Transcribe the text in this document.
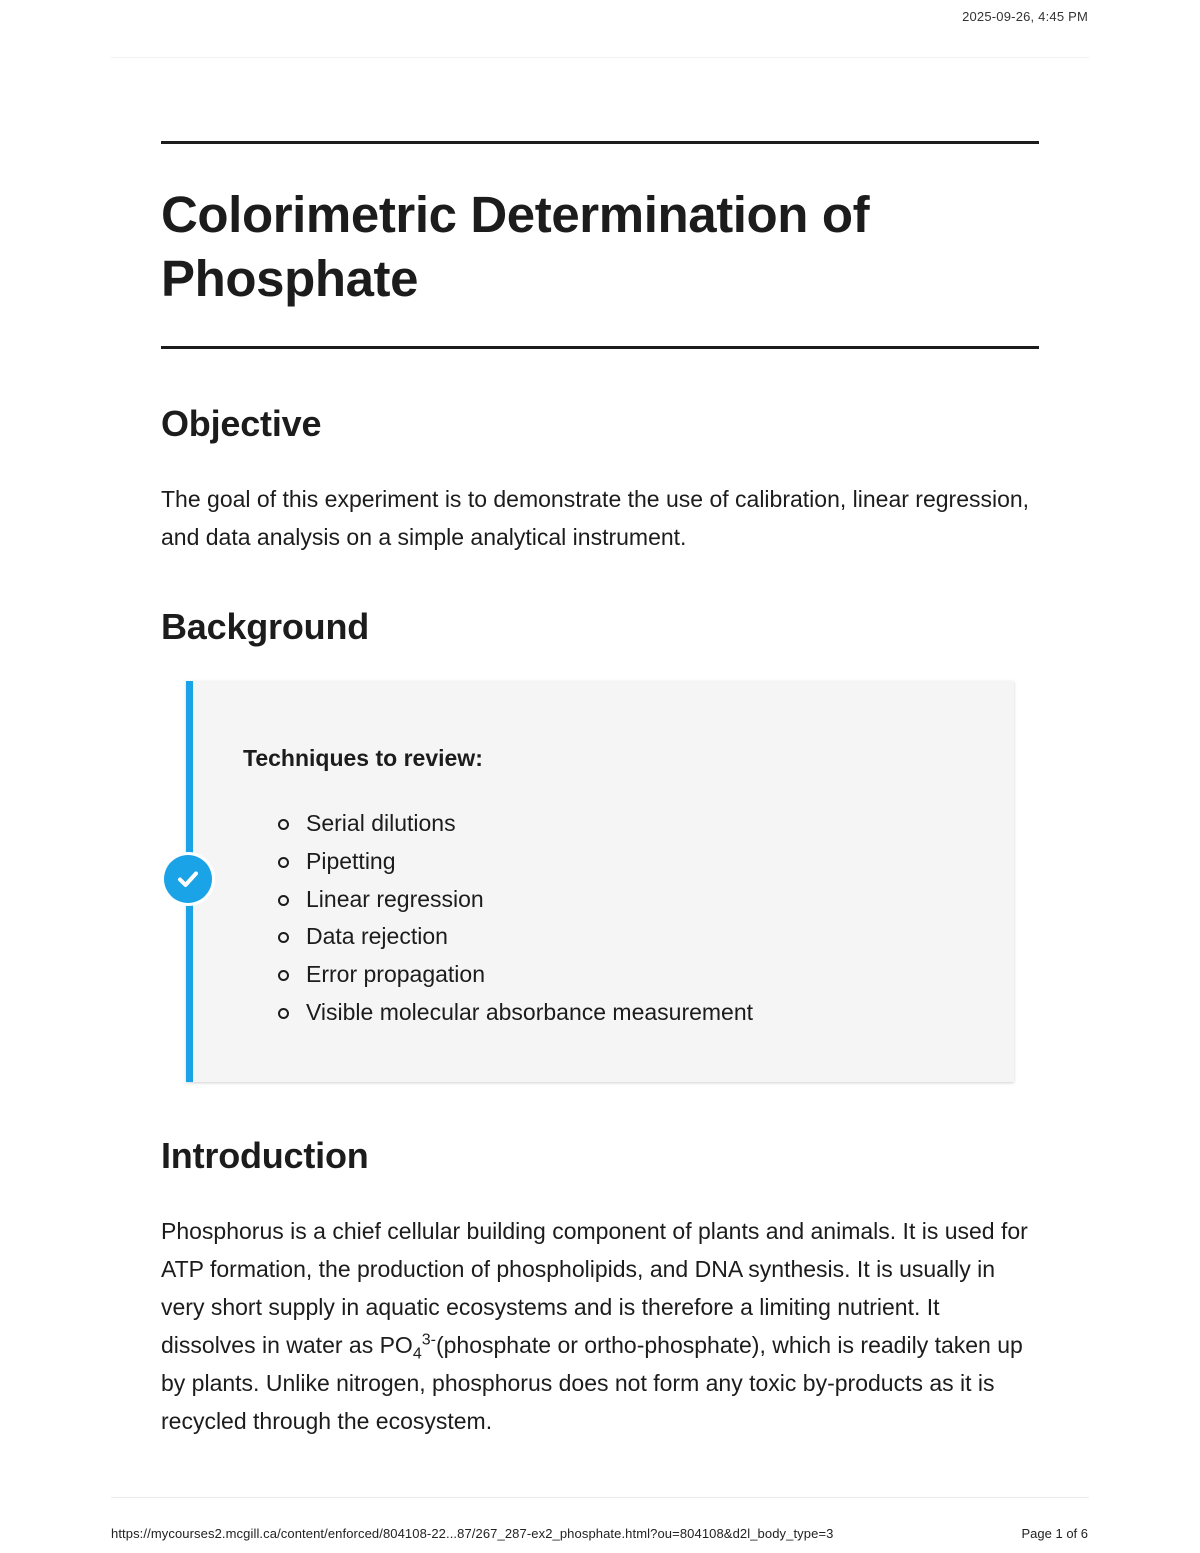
2025-09-26, 4:45 PM
Colorimetric Determination of Phosphate
Objective

The goal of this experiment is to demonstrate the use of calibration, linear regression, and data analysis on a simple analytical instrument.

Background
Techniques to review:
Serial dilutions
Pipetting
Linear regression
Data rejection
Error propagation
Visible molecular absorbance measurement
Introduction

Phosphorus is a chief cellular building component of plants and animals. It is used for ATP formation, the production of phospholipids, and DNA synthesis. It is usually in very short supply in aquatic ecosystems and is therefore a limiting nutrient. It dissolves in water as $PO_4^{3-}(phosphate$ or ortho-phosphate), which is readily taken up by plants. Unlike nitrogen, phosphorus does not form any toxic by-products as it is recycled through the ecosystem.

https://mycourses2.mcgill.ca/content/enforced/804108-22...87/267_287-ex2_phosphate.html?ou=804108&d2l_body_type=3	Page 1 of 6
